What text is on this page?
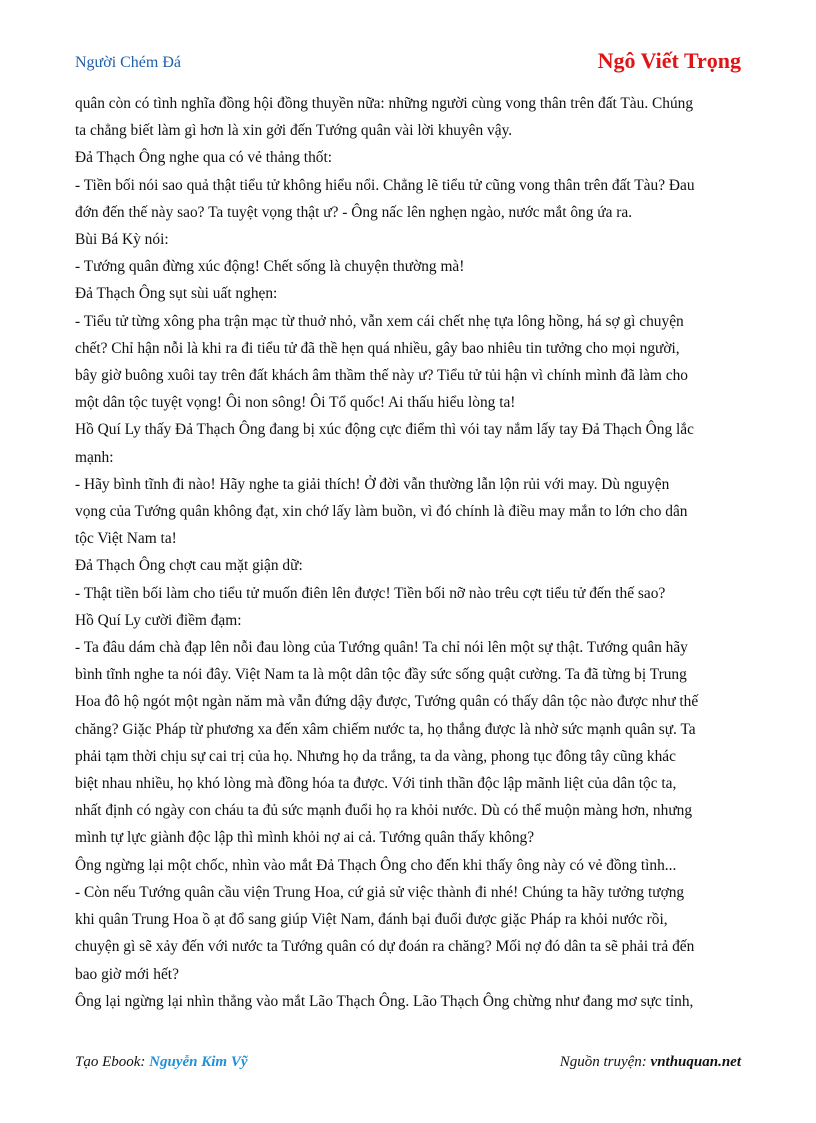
Người Chém Đá	Ngô Viết Trọng

quân còn có tình nghĩa đồng hội đồng thuyền nữa: những người cùng vong thân trên đất Tàu. Chúng

ta chẳng biết làm gì hơn là xin gởi đến Tướng quân vài lời khuyên vậy.

Đả Thạch Ông nghe qua có vẻ thảng thốt:

- Tiền bối nói sao quả thật tiểu tử không hiểu nổi. Chẳng lẽ tiểu tử cũng vong thân trên đất Tàu? Đau

đớn đến thế này sao? Ta tuyệt vọng thật ư? - Ông nấc lên nghẹn ngào, nước mắt ông ứa ra.

Bùi Bá Kỳ nói:

- Tướng quân đừng xúc động! Chết sống là chuyện thường mà!

Đả Thạch Ông sụt sùi uất nghẹn:

- Tiểu tử từng xông pha trận mạc từ thuở nhỏ, vẫn xem cái chết nhẹ tựa lông hồng, há sợ gì chuyện

chết? Chỉ hận nỗi là khi ra đi tiểu tử đã thề hẹn quá nhiều, gây bao nhiêu tin tưởng cho mọi người,

bây giờ buông xuôi tay trên đất khách âm thầm thế này ư? Tiểu tử tủi hận vì chính mình đã làm cho

một dân tộc tuyệt vọng! Ôi non sông! Ôi Tổ quốc! Ai thấu hiểu lòng ta!

Hồ Quí Ly thấy Đả Thạch Ông đang bị xúc động cực điểm thì vói tay nắm lấy tay Đả Thạch Ông lắc

mạnh:

- Hãy bình tĩnh đi nào! Hãy nghe ta giải thích! Ở đời vẫn thường lẫn lộn rủi với may. Dù nguyện

vọng của Tướng quân không đạt, xin chớ lấy làm buồn, vì đó chính là điều may mắn to lớn cho dân

tộc Việt Nam ta!

Đả Thạch Ông chợt cau mặt giận dữ:

- Thật tiền bối làm cho tiểu tử muốn điên lên được! Tiền bối nỡ nào trêu cợt tiểu tử đến thế sao?

Hồ Quí Ly cười điềm đạm:

- Ta đâu dám chà đạp lên nỗi đau lòng của Tướng quân! Ta chỉ nói lên một sự thật. Tướng quân hãy

bình tĩnh nghe ta nói đây. Việt Nam ta là một dân tộc đầy sức sống quật cường. Ta đã từng bị Trung

Hoa đô hộ ngót một ngàn năm mà vẫn đứng dậy được, Tướng quân có thấy dân tộc nào được như thế

chăng? Giặc Pháp từ phương xa đến xâm chiếm nước ta, họ thắng được là nhờ sức mạnh quân sự. Ta

phải tạm thời chịu sự cai trị của họ. Nhưng họ da trắng, ta da vàng, phong tục đông tây cũng khác

biệt nhau nhiều, họ khó lòng mà đồng hóa ta được. Với tinh thần độc lập mãnh liệt của dân tộc ta,

nhất định có ngày con cháu ta đủ sức mạnh đuổi họ ra khỏi nước. Dù có thể muộn màng hơn, nhưng

mình tự lực giành độc lập thì mình khỏi nợ ai cả. Tướng quân thấy không?

Ông ngừng lại một chốc, nhìn vào mắt Đả Thạch Ông cho đến khi thấy ông này có vẻ đồng tình...

- Còn nếu Tướng quân cầu viện Trung Hoa, cứ giả sử việc thành đi nhé! Chúng ta hãy tưởng tượng

khi quân Trung Hoa ồ ạt đổ sang giúp Việt Nam, đánh bại đuổi được giặc Pháp ra khỏi nước rồi,

chuyện gì sẽ xảy đến với nước ta Tướng quân có dự đoán ra chăng? Mối nợ đó dân ta sẽ phải trả đến

bao giờ mới hết?

Ông lại ngừng lại nhìn thẳng vào mắt Lão Thạch Ông. Lão Thạch Ông chừng như đang mơ sực tỉnh,

Tạo Ebook: Nguyễn Kim Vỹ	Nguồn truyện: vnthuquan.net
